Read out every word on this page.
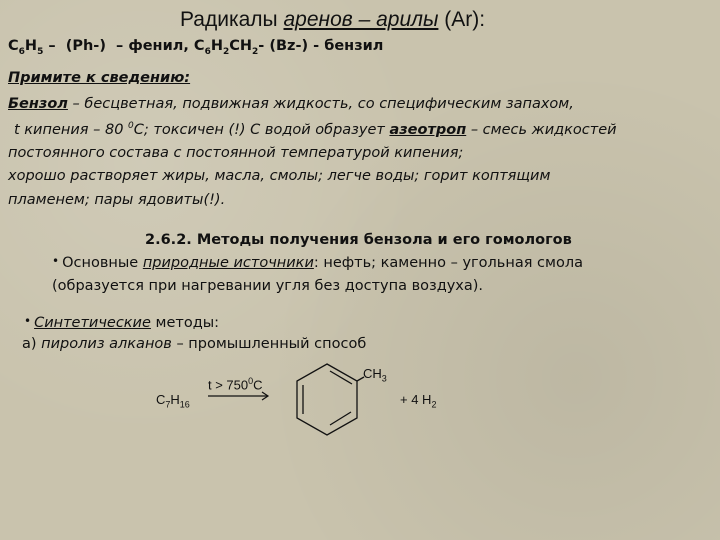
Радикалы аренов – арилы (Ar):
$C_6H_5 - (Ph-)$  – фенил, $C_6H_2CH_2-$ (Bz-) - бензил
Примите к сведению:
Бензол – бесцветная, подвижная жидкость, со специфическим запахом,
t кипения – 80 $^0$С; токсичен (!) С водой образует азеотроп – смесь жидкостей
постоянного состава с постоянной температурой кипения;
хорошо растворяет жиры, масла, смолы; легче воды; горит коптящим
пламенем; пары ядовиты(!).
2.6.2. Методы получения бензола и его гомологов
• Основные природные источники: нефть; каменно – угольная смола
(образуется при нагревании угля без доступа воздуха).
• Синтетические методы:
а) пиролиз алканов – промышленный способ
$C_7H_{16}$
$t > 750^0C$
$CH_3$
+ 4 $H_2$
